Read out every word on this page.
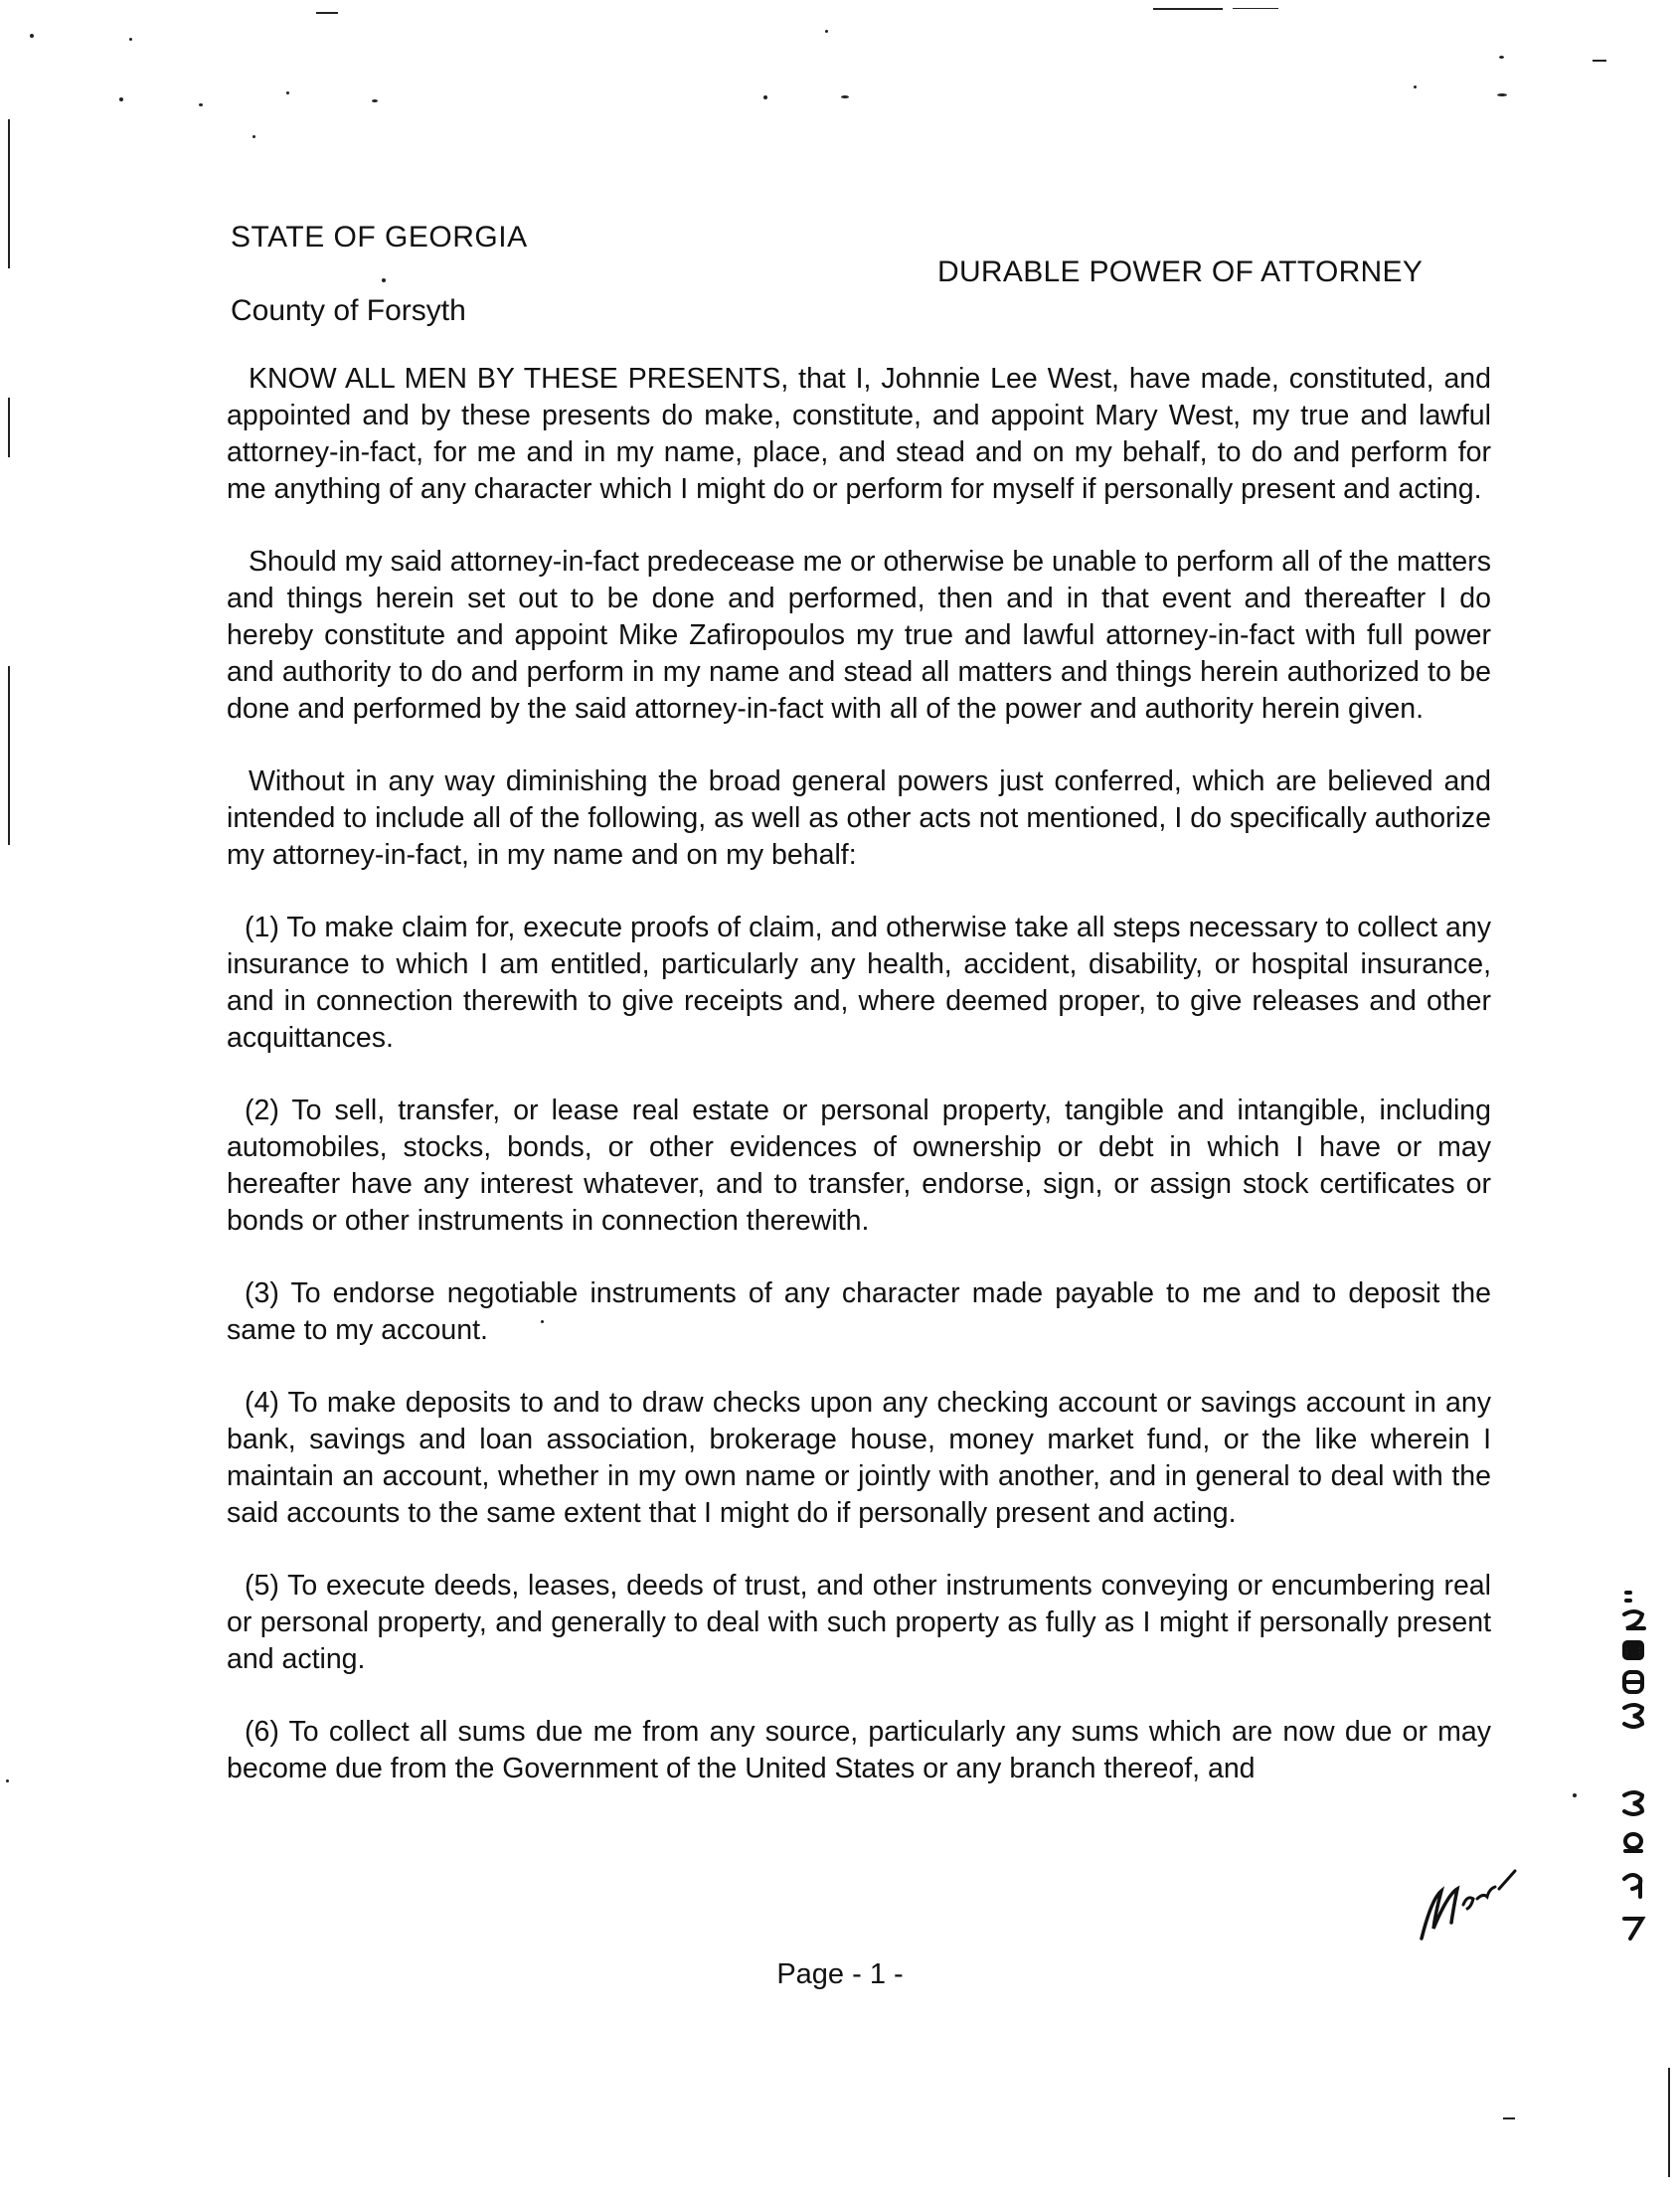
STATE OF GEORGIA
County of Forsyth
DURABLE POWER OF ATTORNEY

KNOW ALL MEN BY THESE PRESENTS, that I, Johnnie Lee West, have made, constituted, and appointed and by these presents do make, constitute, and appoint Mary West, my true and lawful attorney-in-fact, for me and in my name, place, and stead and on my behalf, to do and perform for me anything of any character which I might do or perform for myself if personally present and acting.

Should my said attorney-in-fact predecease me or otherwise be unable to perform all of the matters and things herein set out to be done and performed, then and in that event and thereafter I do hereby constitute and appoint Mike Zafiropoulos my true and lawful attorney-in-fact with full power and authority to do and perform in my name and stead all matters and things herein authorized to be done and performed by the said attorney-in-fact with all of the power and authority herein given.

Without in any way diminishing the broad general powers just conferred, which are believed and intended to include all of the following, as well as other acts not mentioned, I do specifically authorize my attorney-in-fact, in my name and on my behalf:

(1) To make claim for, execute proofs of claim, and otherwise take all steps necessary to collect any insurance to which I am entitled, particularly any health, accident, disability, or hospital insurance, and in connection therewith to give receipts and, where deemed proper, to give releases and other acquittances.

(2) To sell, transfer, or lease real estate or personal property, tangible and intangible, including automobiles, stocks, bonds, or other evidences of ownership or debt in which I have or may hereafter have any interest whatever, and to transfer, endorse, sign, or assign stock certificates or bonds or other instruments in connection therewith.

(3) To endorse negotiable instruments of any character made payable to me and to deposit the same to my account.

(4) To make deposits to and to draw checks upon any checking account or savings account in any bank, savings and loan association, brokerage house, money market fund, or the like wherein I maintain an account, whether in my own name or jointly with another, and in general to deal with the said accounts to the same extent that I might do if personally present and acting.

(5) To execute deeds, leases, deeds of trust, and other instruments conveying or encumbering real or personal property, and generally to deal with such property as fully as I might if personally present and acting.

(6) To collect all sums due me from any source, particularly any sums which are now due or may become due from the Government of the United States or any branch thereof, and

Page - 1 -
